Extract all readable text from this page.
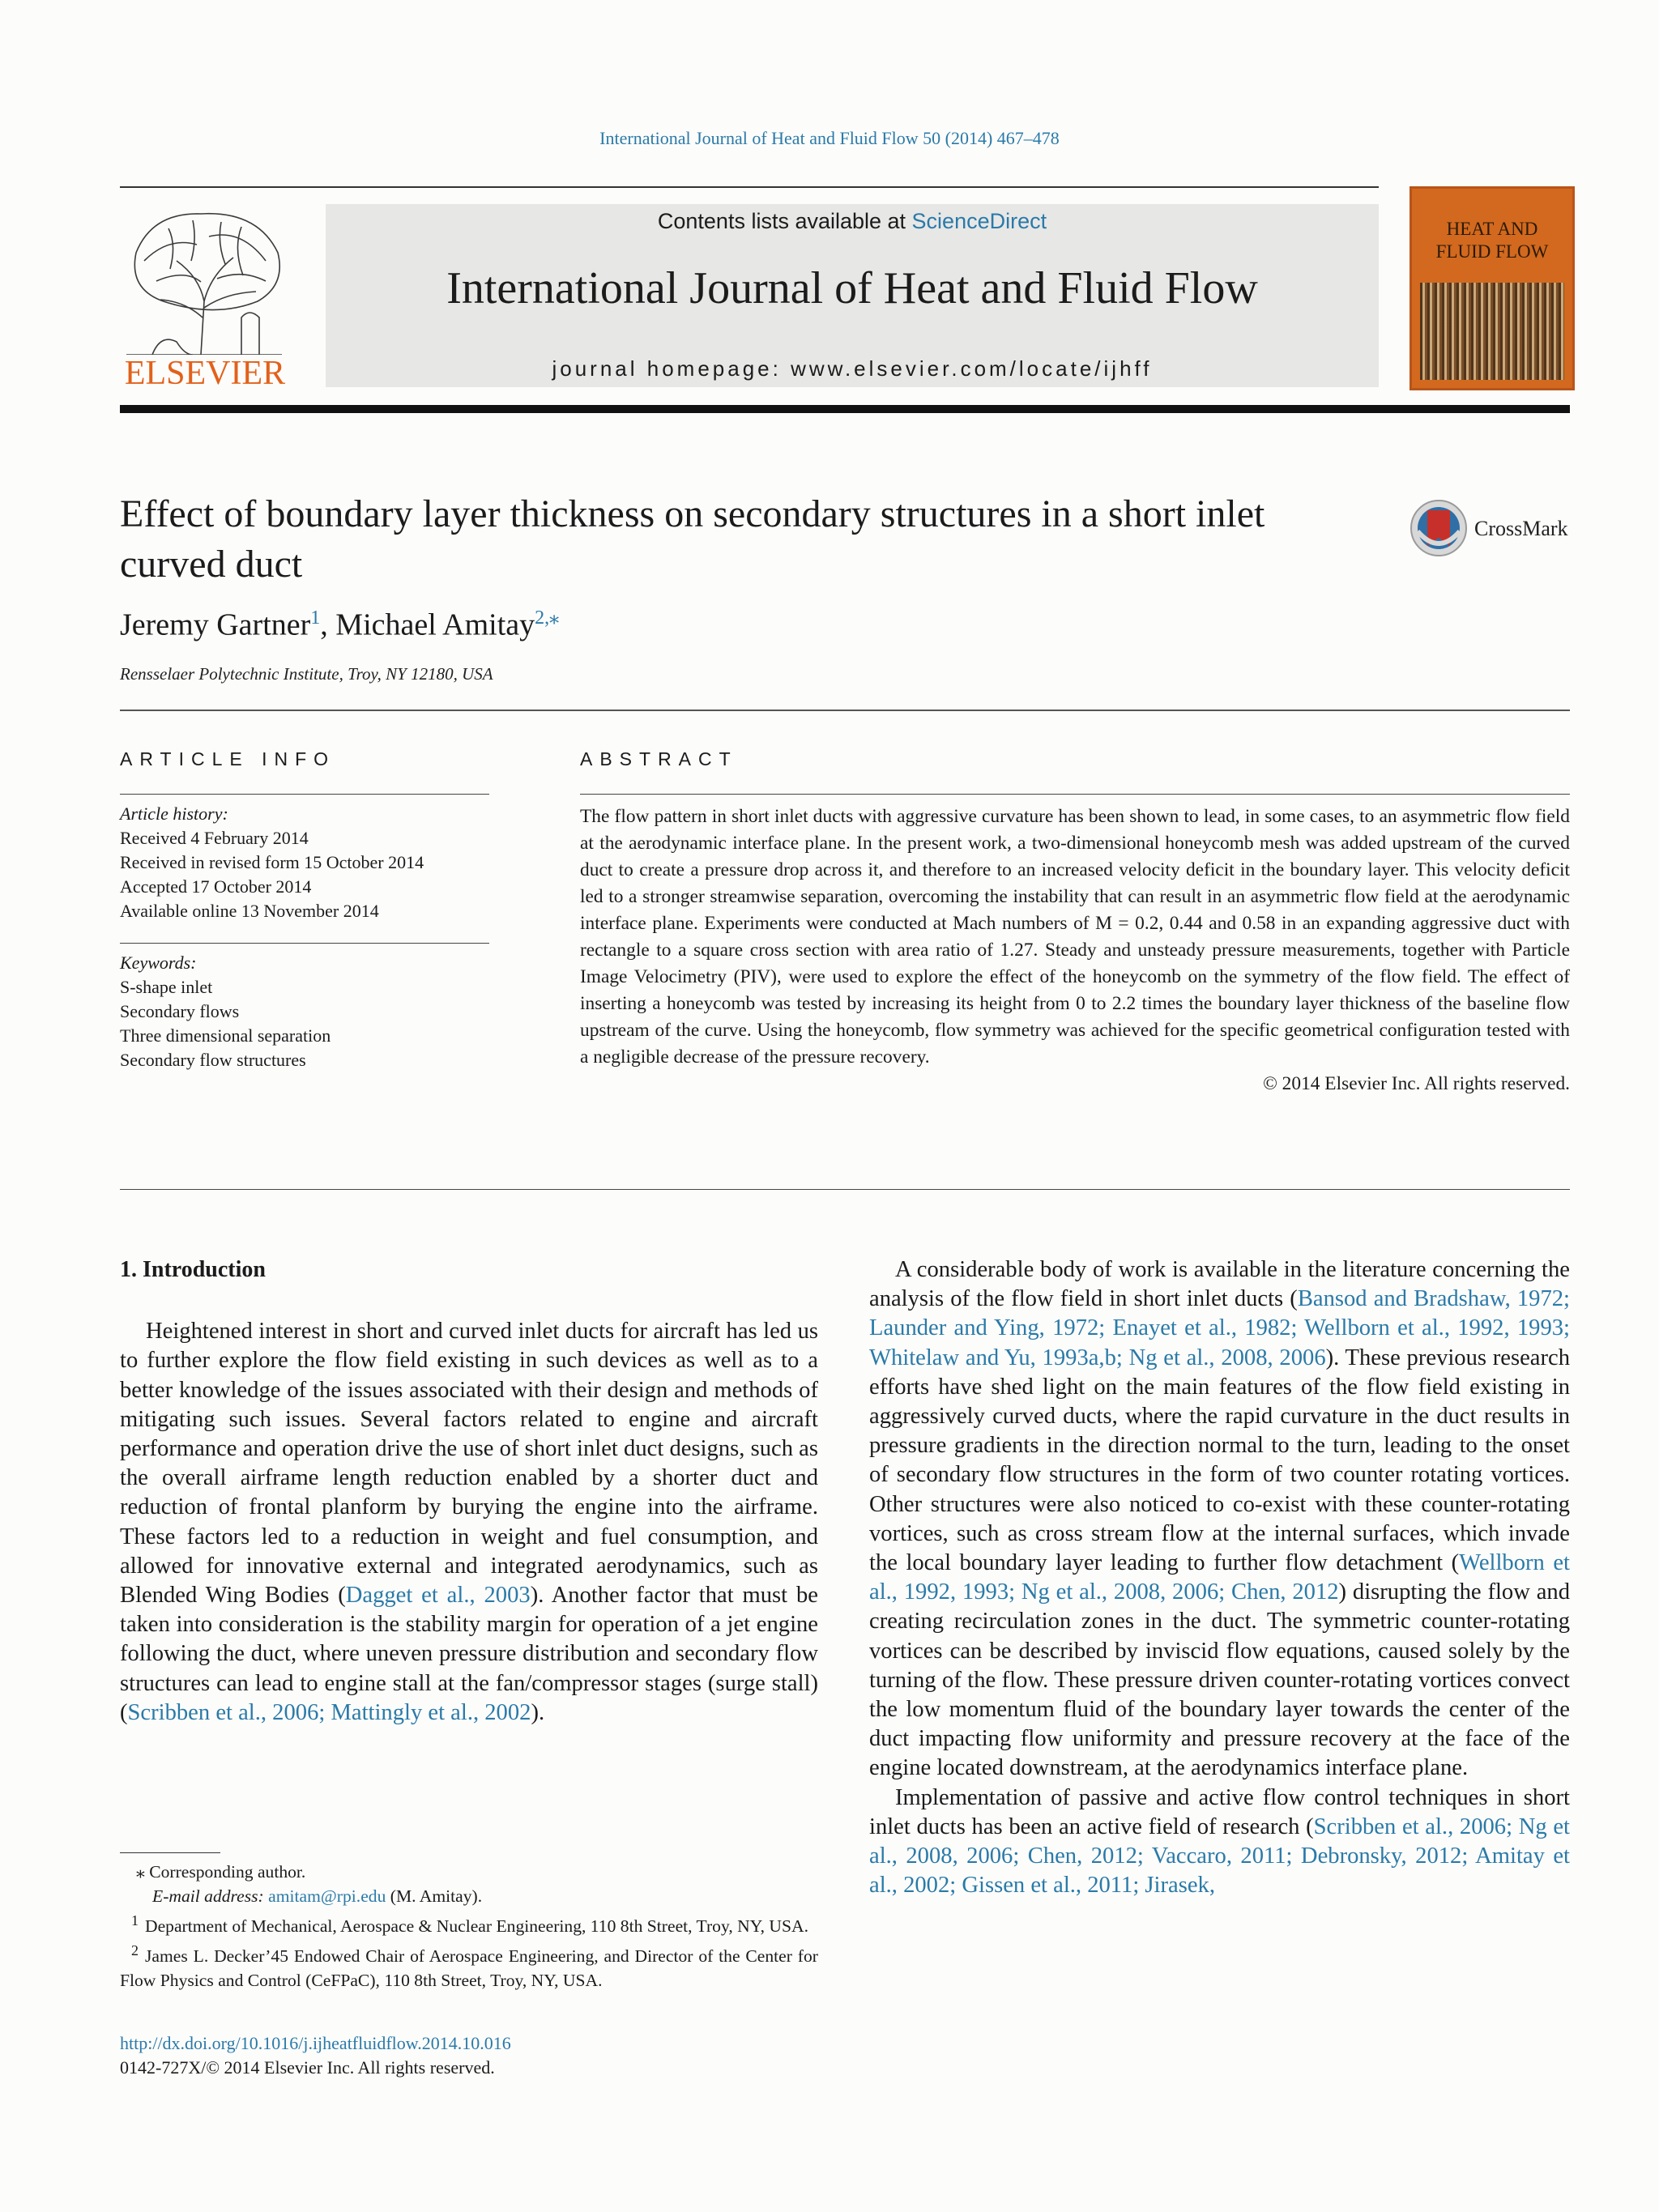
International Journal of Heat and Fluid Flow 50 (2014) 467–478
ELSEVIER
Contents lists available at ScienceDirect
International Journal of Heat and Fluid Flow
journal homepage: www.elsevier.com/locate/ijhff
HEAT AND
FLUID FLOW
Effect of boundary layer thickness on secondary structures in a short inlet curved duct
CrossMark
Jeremy Gartner$^1$, Michael Amitay$^{2,⁎}$
Rensselaer Polytechnic Institute, Troy, NY 12180, USA
ARTICLE INFO	ABSTRACT
Article history:
Received 4 February 2014
Received in revised form 15 October 2014
Accepted 17 October 2014
Available online 13 November 2014
Keywords:
S-shape inlet
Secondary flows
Three dimensional separation
Secondary flow structures

The flow pattern in short inlet ducts with aggressive curvature has been shown to lead, in some cases, to an asymmetric flow field at the aerodynamic interface plane. In the present work, a two-dimensional honeycomb mesh was added upstream of the curved duct to create a pressure drop across it, and therefore to an increased velocity deficit in the boundary layer. This velocity deficit led to a stronger streamwise separation, overcoming the instability that can result in an asymmetric flow field at the aerodynamic interface plane. Experiments were conducted at Mach numbers of M = 0.2, 0.44 and 0.58 in an expanding aggressive duct with rectangle to a square cross section with area ratio of 1.27. Steady and unsteady pressure measurements, together with Particle Image Velocimetry (PIV), were used to explore the effect of the honeycomb on the symmetry of the flow field. The effect of inserting a honeycomb was tested by increasing its height from 0 to 2.2 times the boundary layer thickness of the baseline flow upstream of the curve. Using the honeycomb, flow symmetry was achieved for the specific geometrical configuration tested with a negligible decrease of the pressure recovery.

© 2014 Elsevier Inc. All rights reserved.

1. Introduction

Heightened interest in short and curved inlet ducts for aircraft has led us to further explore the flow field existing in such devices as well as to a better knowledge of the issues associated with their design and methods of mitigating such issues. Several factors related to engine and aircraft performance and operation drive the use of short inlet duct designs, such as the overall airframe length reduction enabled by a shorter duct and reduction of frontal planform by burying the engine into the airframe. These factors led to a reduction in weight and fuel consumption, and allowed for innovative external and integrated aerodynamics, such as Blended Wing Bodies (Dagget et al., 2003). Another factor that must be taken into consideration is the stability margin for operation of a jet engine following the duct, where uneven pressure distribution and secondary flow structures can lead to engine stall at the fan/compressor stages (surge stall) (Scribben et al., 2006; Mattingly et al., 2002).

A considerable body of work is available in the literature concerning the analysis of the flow field in short inlet ducts (Bansod and Bradshaw, 1972; Launder and Ying, 1972; Enayet et al., 1982; Wellborn et al., 1992, 1993; Whitelaw and Yu, 1993a,b; Ng et al., 2008, 2006). These previous research efforts have shed light on the main features of the flow field existing in aggressively curved ducts, where the rapid curvature in the duct results in pressure gradients in the direction normal to the turn, leading to the onset of secondary flow structures in the form of two counter rotating vortices. Other structures were also noticed to co-exist with these counter-rotating vortices, such as cross stream flow at the internal surfaces, which invade the local boundary layer leading to further flow detachment (Wellborn et al., 1992, 1993; Ng et al., 2008, 2006; Chen, 2012) disrupting the flow and creating recirculation zones in the duct. The symmetric counter-rotating vortices can be described by inviscid flow equations, caused solely by the turning of the flow. These pressure driven counter-rotating vortices convect the low momentum fluid of the boundary layer towards the center of the duct impacting flow uniformity and pressure recovery at the face of the engine located downstream, at the aerodynamics interface plane.

Implementation of passive and active flow control techniques in short inlet ducts has been an active field of research (Scribben et al., 2006; Ng et al., 2008, 2006; Chen, 2012; Vaccaro, 2011; Debronsky, 2012; Amitay et al., 2002; Gissen et al., 2011; Jirasek,

⁎ Corresponding author.
E-mail address: amitam@rpi.edu (M. Amitay).
$^1$ Department of Mechanical, Aerospace & Nuclear Engineering, 110 8th Street, Troy, NY, USA.
$^2$ James L. Decker’45 Endowed Chair of Aerospace Engineering, and Director of the Center for Flow Physics and Control (CeFPaC), 110 8th Street, Troy, NY, USA.
http://dx.doi.org/10.1016/j.ijheatfluidflow.2014.10.016
0142-727X/© 2014 Elsevier Inc. All rights reserved.
